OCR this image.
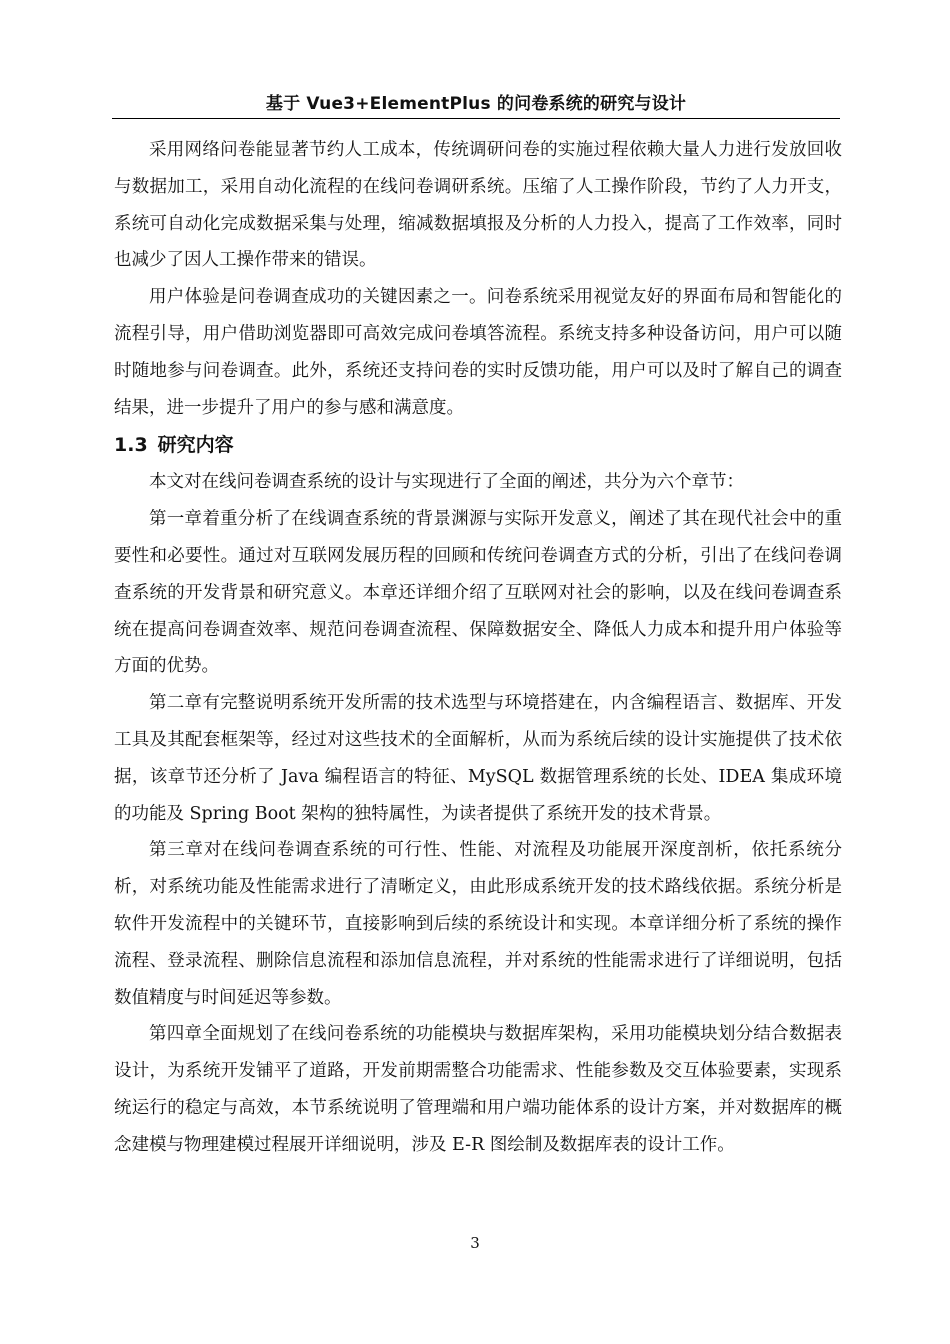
基于 Vue3+ElementPlus 的问卷系统的研究与设计

采用网络问卷能显著节约人工成本，传统调研问卷的实施过程依赖大量人力进行发放回收与数据加工，采用自动化流程的在线问卷调研系统。压缩了人工操作阶段，节约了人力开支，系统可自动化完成数据采集与处理，缩减数据填报及分析的人力投入，提高了工作效率，同时也减少了因人工操作带来的错误。

用户体验是问卷调查成功的关键因素之一。问卷系统采用视觉友好的界面布局和智能化的流程引导，用户借助浏览器即可高效完成问卷填答流程。系统支持多种设备访问，用户可以随时随地参与问卷调查。此外，系统还支持问卷的实时反馈功能，用户可以及时了解自己的调查结果，进一步提升了用户的参与感和满意度。

1.3 研究内容

本文对在线问卷调查系统的设计与实现进行了全面的阐述，共分为六个章节：

第一章着重分析了在线调查系统的背景渊源与实际开发意义，阐述了其在现代社会中的重要性和必要性。通过对互联网发展历程的回顾和传统问卷调查方式的分析，引出了在线问卷调查系统的开发背景和研究意义。本章还详细介绍了互联网对社会的影响，以及在线问卷调查系统在提高问卷调查效率、规范问卷调查流程、保障数据安全、降低人力成本和提升用户体验等方面的优势。

第二章有完整说明系统开发所需的技术选型与环境搭建在，内含编程语言、数据库、开发工具及其配套框架等，经过对这些技术的全面解析，从而为系统后续的设计实施提供了技术依据，该章节还分析了 Java 编程语言的特征、MySQL 数据管理系统的长处、IDEA 集成环境的功能及 Spring Boot 架构的独特属性，为读者提供了系统开发的技术背景。

第三章对在线问卷调查系统的可行性、性能、对流程及功能展开深度剖析，依托系统分析，对系统功能及性能需求进行了清晰定义，由此形成系统开发的技术路线依据。系统分析是软件开发流程中的关键环节，直接影响到后续的系统设计和实现。本章详细分析了系统的操作流程、登录流程、删除信息流程和添加信息流程，并对系统的性能需求进行了详细说明，包括数值精度与时间延迟等参数。

第四章全面规划了在线问卷系统的功能模块与数据库架构，采用功能模块划分结合数据表设计，为系统开发铺平了道路，开发前期需整合功能需求、性能参数及交互体验要素，实现系统运行的稳定与高效，本节系统说明了管理端和用户端功能体系的设计方案，并对数据库的概念建模与物理建模过程展开详细说明，涉及 E-R 图绘制及数据库表的设计工作。

3
